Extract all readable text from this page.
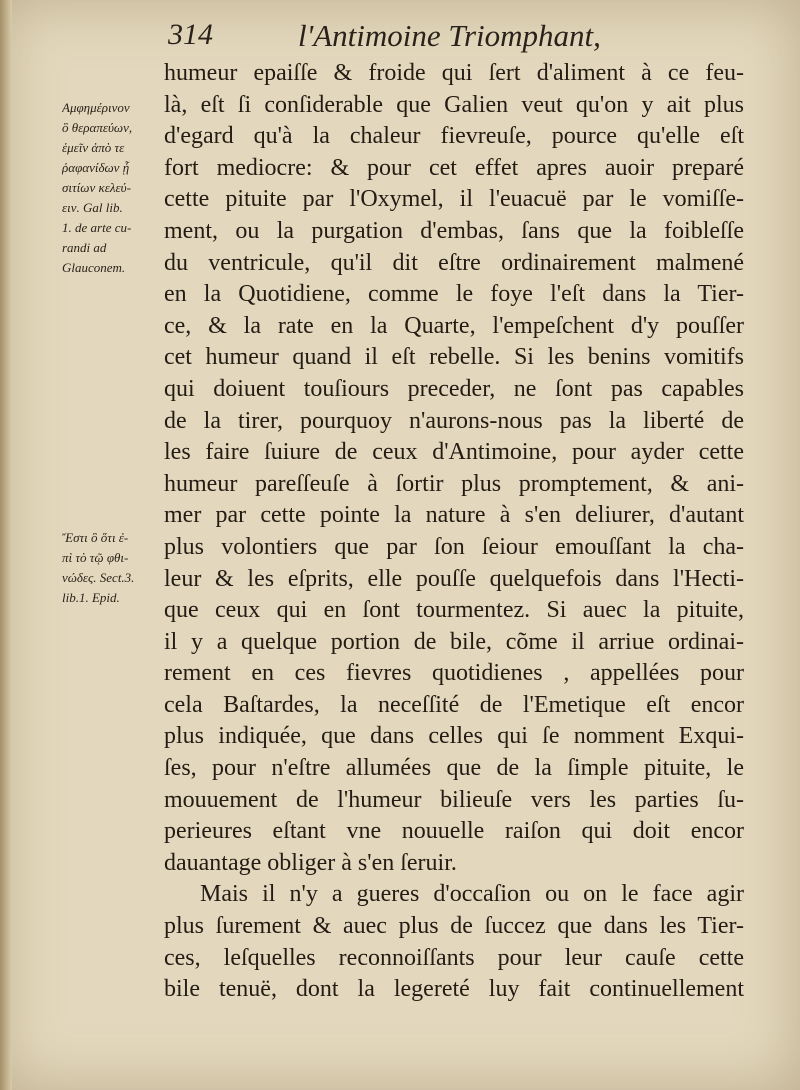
314	l'Antimoine Triomphant,
Αμφημέρινον
ὃ θεραπεύων,
ἑμεῖν ἀπὸ τε
ῥαφανίδων ᾗ
σιτίων κελεύ-
ειν. Gal lib.
1. de arte cu-
randi ad
Glauconem.
Ἔστι ὃ ὅτι ἐ-
πὶ τὸ τῷ φθι-
νώδες. Sect.3.
lib.1. Epid.
humeur epaiſſe & froide qui ſert d'aliment à ce feu-
là, eſt ſi conſiderable que Galien veut qu'on y ait plus
d'egard qu'à la chaleur fievreuſe, pource qu'elle eſt
fort mediocre: & pour cet effet apres auoir preparé
cette pituite par l'Oxymel, il l'euacuë par le vomiſſe-
ment, ou la purgation d'embas, ſans que la foibleſſe
du ventricule, qu'il dit eſtre ordinairement malmené
en la Quotidiene, comme le foye l'eſt dans la Tier-
ce, & la rate en la Quarte, l'empeſchent d'y pouſſer
cet humeur quand il eſt rebelle. Si les benins vomitifs
qui doiuent touſiours preceder, ne ſont pas capables
de la tirer, pourquoy n'aurons-nous pas la liberté de
les faire ſuiure de ceux d'Antimoine, pour ayder cette
humeur pareſſeuſe à ſortir plus promptement, & ani-
mer par cette pointe la nature à s'en deliurer, d'autant
plus volontiers que par ſon ſeiour emouſſant la cha-
leur & les eſprits, elle pouſſe quelquefois dans l'Hectі-
que ceux qui en ſont tourmentez. Si auec la pituite,
il y a quelque portion de bile, cõme il arriue ordinai-
rement en ces fievres quotidienes , appellées pour
cela Baſtardes, la neceſſité de l'Emetique eſt encor
plus indiquée, que dans celles qui ſe nomment Exqui-
ſes, pour n'eſtre allumées que de la ſimple pituite, le
mouuement de l'humeur bilieuſe vers les parties ſu-
perieures eſtant vne nouuelle raiſon qui doit encor
dauantage obliger à s'en ſeruir.
Mais il n'y a gueres d'occaſion ou on le face agir
plus ſurement & auec plus de ſuccez que dans les Tier-
ces, leſquelles reconnoiſſants pour leur cauſe cette
bile tenuë, dont la legereté luy fait continuellement
